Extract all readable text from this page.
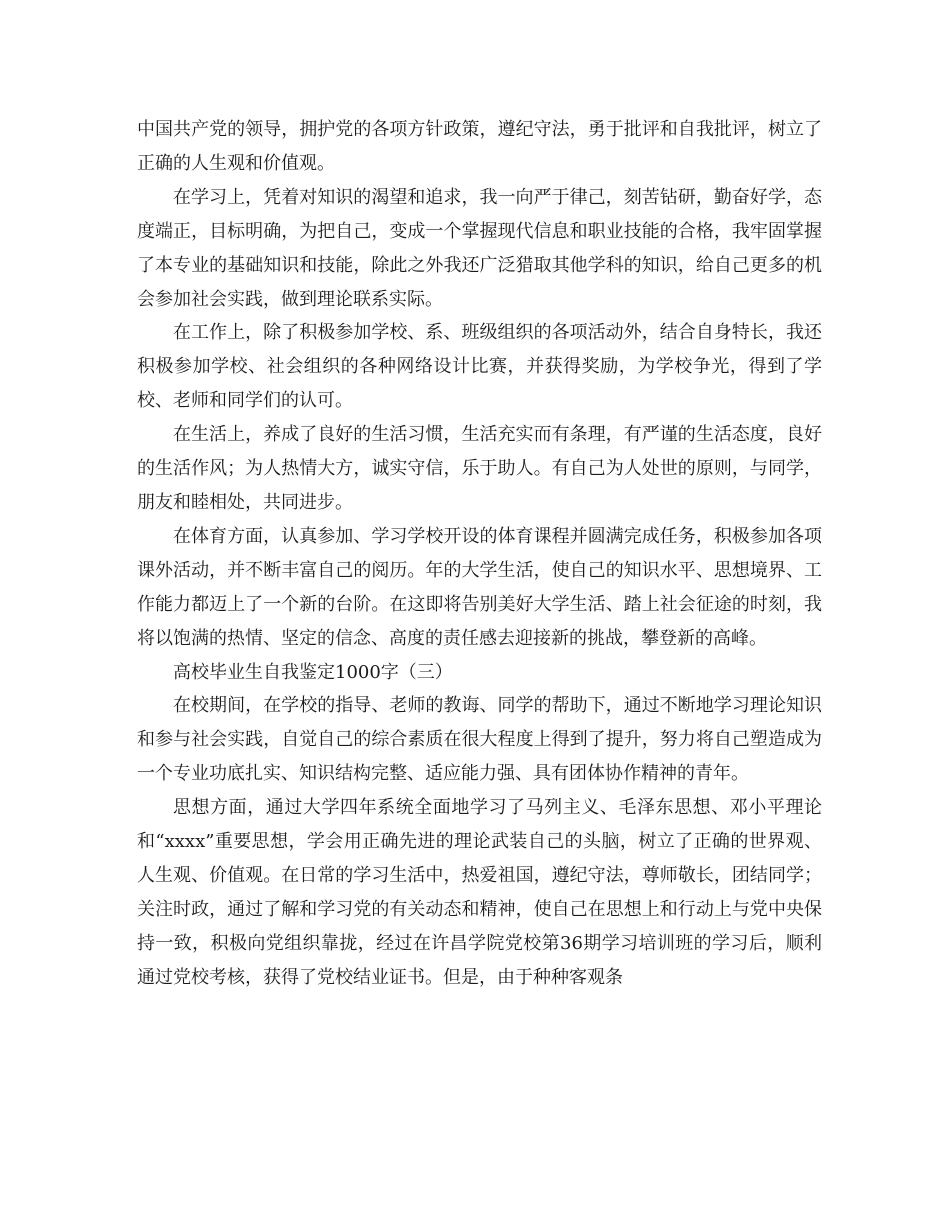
中国共产党的领导，拥护党的各项方针政策，遵纪守法，勇于批评和自我批评，树立了正确的人生观和价值观。

在学习上，凭着对知识的渴望和追求，我一向严于律己，刻苦钻研，勤奋好学，态度端正，目标明确，为把自己，变成一个掌握现代信息和职业技能的合格，我牢固掌握了本专业的基础知识和技能，除此之外我还广泛猎取其他学科的知识，给自己更多的机会参加社会实践，做到理论联系实际。

在工作上，除了积极参加学校、系、班级组织的各项活动外，结合自身特长，我还积极参加学校、社会组织的各种网络设计比赛，并获得奖励，为学校争光，得到了学校、老师和同学们的认可。

在生活上，养成了良好的生活习惯，生活充实而有条理，有严谨的生活态度，良好的生活作风；为人热情大方，诚实守信，乐于助人。有自己为人处世的原则，与同学，朋友和睦相处，共同进步。

在体育方面，认真参加、学习学校开设的体育课程并圆满完成任务，积极参加各项课外活动，并不断丰富自己的阅历。年的大学生活，使自己的知识水平、思想境界、工作能力都迈上了一个新的台阶。在这即将告别美好大学生活、踏上社会征途的时刻，我将以饱满的热情、坚定的信念、高度的责任感去迎接新的挑战，攀登新的高峰。

高校毕业生自我鉴定1000字（三）

在校期间，在学校的指导、老师的教诲、同学的帮助下，通过不断地学习理论知识和参与社会实践，自觉自己的综合素质在很大程度上得到了提升，努力将自己塑造成为一个专业功底扎实、知识结构完整、适应能力强、具有团体协作精神的青年。

思想方面，通过大学四年系统全面地学习了马列主义、毛泽东思想、邓小平理论和“xxxx”重要思想，学会用正确先进的理论武装自己的头脑，树立了正确的世界观、人生观、价值观。在日常的学习生活中，热爱祖国，遵纪守法，尊师敬长，团结同学；关注时政，通过了解和学习党的有关动态和精神，使自己在思想上和行动上与党中央保持一致，积极向党组织靠拢，经过在许昌学院党校第36期学习培训班的学习后，顺利通过党校考核，获得了党校结业证书。但是，由于种种客观条
